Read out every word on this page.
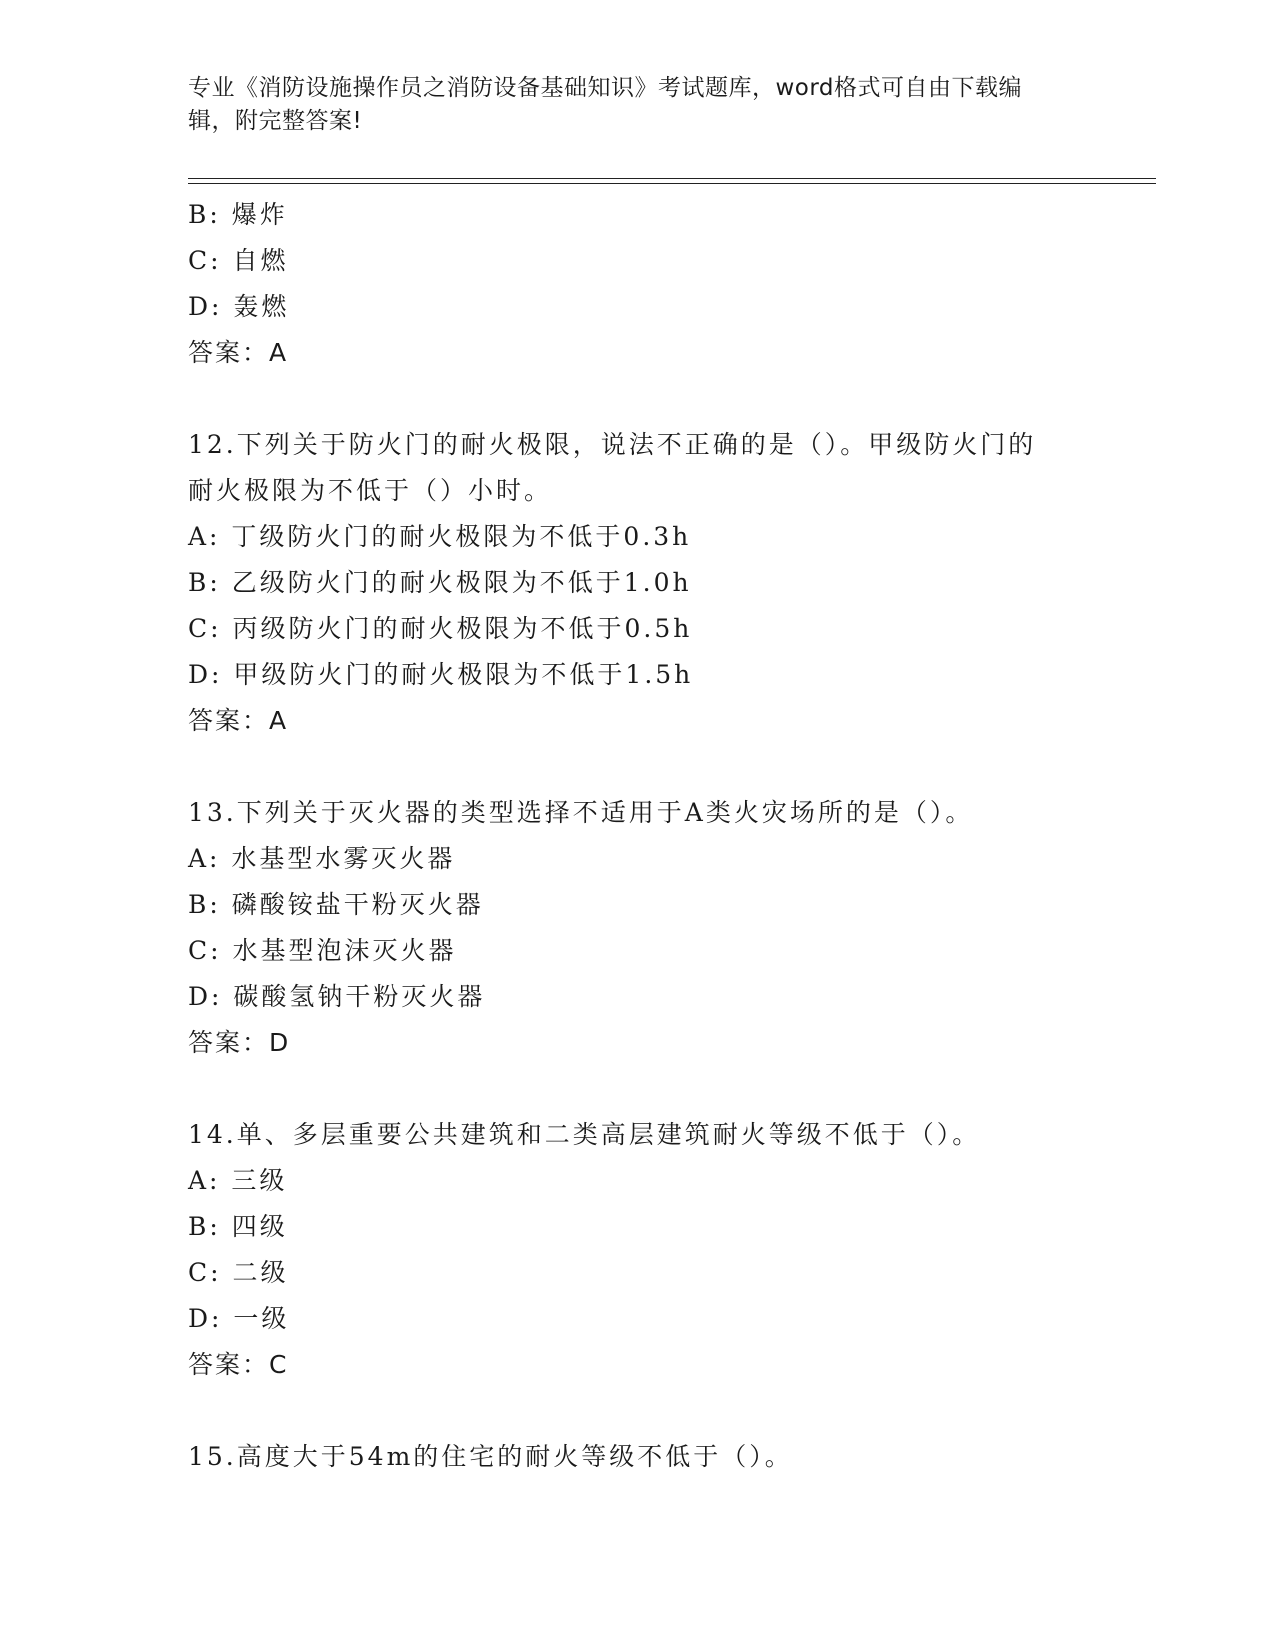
专业《消防设施操作员之消防设备基础知识》考试题库，word格式可自由下载编
辑，附完整答案!
B: 爆炸
C: 自燃
D: 轰燃
答案：A
12.下列关于防火门的耐火极限，说法不正确的是（）。甲级防火门的
耐火极限为不低于（）小时。
A: 丁级防火门的耐火极限为不低于0.3h
B: 乙级防火门的耐火极限为不低于1.0h
C: 丙级防火门的耐火极限为不低于0.5h
D: 甲级防火门的耐火极限为不低于1.5h
答案：A
13.下列关于灭火器的类型选择不适用于A类火灾场所的是（）。
A: 水基型水雾灭火器
B: 磷酸铵盐干粉灭火器
C: 水基型泡沫灭火器
D: 碳酸氢钠干粉灭火器
答案：D
14.单、多层重要公共建筑和二类高层建筑耐火等级不低于（）。
A: 三级
B: 四级
C: 二级
D: 一级
答案：C
15.高度大于54m的住宅的耐火等级不低于（）。
